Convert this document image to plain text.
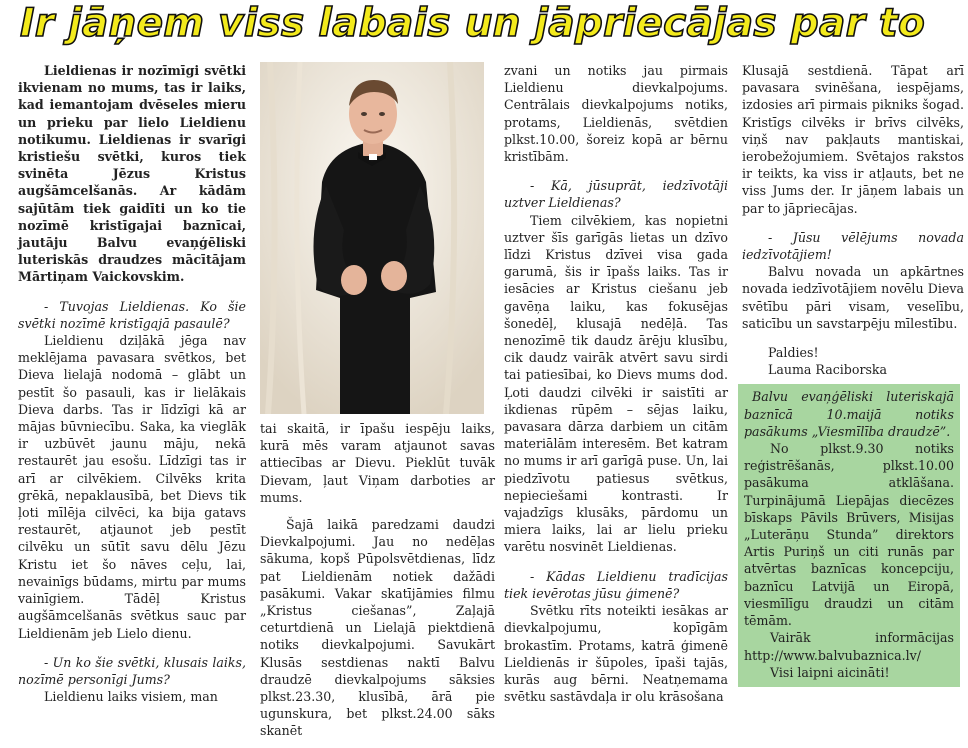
Ir jāņem viss labais un jāpriecājas par to

Lieldienas ir nozīmīgi svētki ikvienam no mums, tas ir laiks, kad iemantojam dvēseles mieru un prieku par lielo Lieldienu notikumu. Lieldienas ir svarīgi kristiešu svētki, kuros tiek svinēta Jēzus Kristus augšāmcelšanās. Ar kādām sajūtām tiek gaidīti un ko tie nozīmē kristīgajai baznīcai, jautāju Balvu evaņģēliski luteriskās draudzes mācītājam Mārtiņam Vaickovskim.

- Tuvojas Lieldienas. Ko šie svētki nozīmē kristīgajā pasaulē?

Lieldienu dziļākā jēga nav meklējama pavasara svētkos, bet Dieva lielajā nodomā – glābt un pestīt šo pasauli, kas ir lielākais Dieva darbs. Tas ir līdzīgi kā ar mājas būvniecību. Saka, ka vieglāk ir uzbūvēt jaunu māju, nekā restaurēt jau esošu. Līdzīgi tas ir arī ar cilvēkiem. Cilvēks krita grēkā, nepaklausībā, bet Dievs tik ļoti mīlēja cilvēci, ka bija gatavs restaurēt, atjaunot jeb pestīt cilvēku un sūtīt savu dēlu Jēzu Kristu iet šo nāves ceļu, lai, nevainīgs būdams, mirtu par mums vainīgiem. Tādēļ Kristus augšāmcelšanās svētkus sauc par Lieldienām jeb Lielo dienu.

- Un ko šie svētki, klusais laiks, nozīmē personīgi Jums?

Lieldienu laiks visiem, man

tai skaitā, ir īpašu iespēju laiks, kurā mēs varam atjaunot savas attiecības ar Dievu. Pieklūt tuvāk Dievam, ļaut Viņam darboties ar mums.

Šajā laikā paredzami daudzi Dievkalpojumi. Jau no nedēļas sākuma, kopš Pūpolsvētdienas, līdz pat Lieldienām notiek dažādi pasākumi. Vakar skatījāmies filmu „Kristus ciešanas”, Zaļajā ceturtdienā un Lielajā piektdienā notiks dievkalpojumi. Savukārt Klusās sestdienas naktī Balvu draudzē dievkalpojums sāksies plkst.23.30, klusībā, ārā pie ugunskura, bet plkst.24.00 sāks skanēt

zvani un notiks jau pirmais Lieldienu dievkalpojums. Centrālais dievkalpojums notiks, protams, Lieldienās, svētdien plkst.10.00, šoreiz kopā ar bērnu kristībām.

- Kā, jūsuprāt, iedzīvotāji uztver Lieldienas?

Tiem cilvēkiem, kas nopietni uztver šīs garīgās lietas un dzīvo līdzi Kristus dzīvei visa gada garumā, šis ir īpašs laiks. Tas ir iesācies ar Kristus ciešanu jeb gavēņa laiku, kas fokusējas šonedēļ, klusajā nedēļā. Tas nenozīmē tik daudz ārēju klusību, cik daudz vairāk atvērt savu sirdi tai patiesībai, ko Dievs mums dod. Ļoti daudzi cilvēki ir saistīti ar ikdienas rūpēm – sējas laiku, pavasara dārza darbiem un citām materiālām interesēm. Bet katram no mums ir arī garīgā puse. Un, lai piedzīvotu patiesus svētkus, nepieciešami kontrasti. Ir vajadzīgs klusāks, pārdomu un miera laiks, lai ar lielu prieku varētu nosvinēt Lieldienas.

- Kādas Lieldienu tradīcijas tiek ievērotas jūsu ģimenē?

Svētku rīts noteikti iesākas ar dievkalpojumu, kopīgām brokastīm. Protams, katrā ģimenē Lieldienās ir šūpoles, īpaši tajās, kurās aug bērni. Neatņemama svētku sastāvdaļa ir olu krāsošana

Klusajā sestdienā. Tāpat arī pavasara svinēšana, iespējams, izdosies arī pirmais pikniks šogad. Kristīgs cilvēks ir brīvs cilvēks, viņš nav pakļauts mantiskai, ierobežojumiem. Svētajos rakstos ir teikts, ka viss ir atļauts, bet ne viss Jums der. Ir jāņem labais un par to jāpriecājas.

- Jūsu vēlējums novada iedzīvotājiem!

Balvu novada un apkārtnes novada iedzīvotājiem novēlu Dieva svētību pāri visam, veselību, saticību un savstarpēju mīlestību.

Paldies!

Lauma Raciborska

Balvu evaņģēliski luteriskajā baznīcā 10.maijā notiks pasākums „Viesmīlība draudzē”.

No plkst.9.30 notiks reģistrēšanās, plkst.10.00 pasākuma atklāšana. Turpinājumā Liepājas diecēzes bīskaps Pāvils Brūvers, Misijas „Luterāņu Stunda” direktors Artis Puriņš un citi runās par atvērtas baznīcas koncepciju, baznīcu Latvijā un Eiropā, viesmīlīgu draudzi un citām tēmām.

Vairāk informācijas http://www.balvubaznica.lv/

Visi laipni aicināti!
